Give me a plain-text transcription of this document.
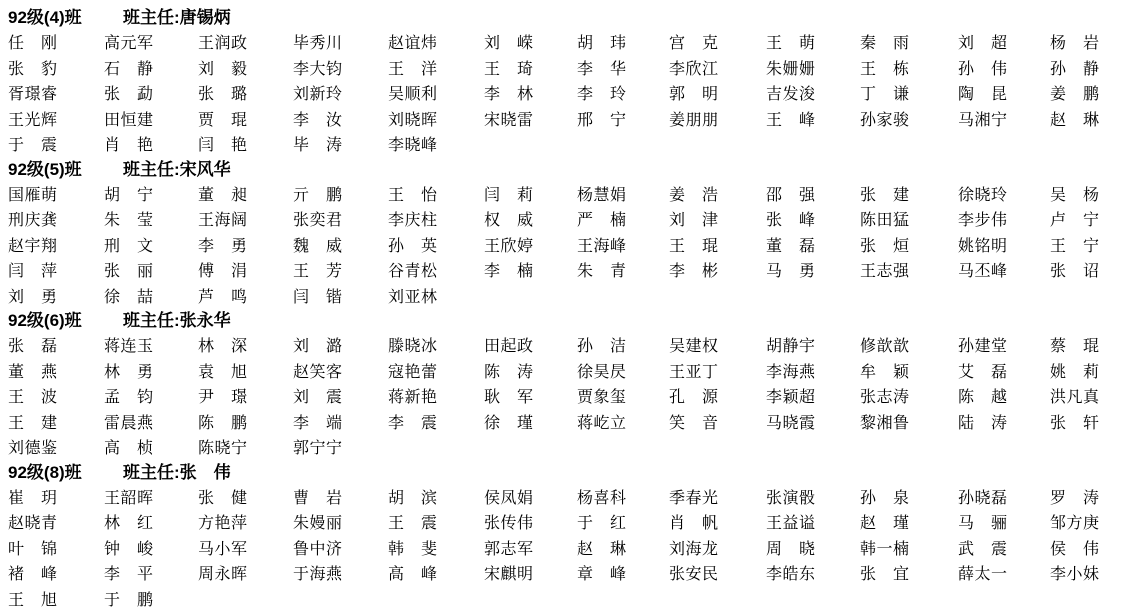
92级(4)班 班主任:唐锡炳
任　刚	高元军	王润政	毕秀川	赵谊炜	刘　嵘	胡　玮	宫　克	王　萌	秦　雨	刘　超	杨　岩
张　豹	石　静	刘　毅	李大钧	王　洋	王　琦	李　华	李欣江	朱姗姗	王　栋	孙　伟	孙　静
胥璟睿	张　勐	张　璐	刘新玲	吴顺利	李　林	李　玲	郭　明	吉发浚	丁　谦	陶　昆	姜　鹏
王光辉	田恒建	贾　琨	李　汝	刘晓晖	宋晓雷	邢　宁	姜朋朋	王　峰	孙家骏	马湘宁	赵　琳
于　震	肖　艳	闫　艳	毕　涛	李晓峰
92级(5)班 班主任:宋风华
国雁萌	胡　宁	董　昶	亓　鹏	王　怡	闫　莉	杨慧娟	姜　浩	邵　强	张　建	徐晓玲	吴　杨
刑庆龚	朱　莹	王海阔	张奕君	李庆柱	权　威	严　楠	刘　津	张　峰	陈田猛	李步伟	卢　宁
赵宇翔	刑　文	李　勇	魏　威	孙　英	王欣婷	王海峰	王　琨	董　磊	张　烜	姚铭明	王　宁
闫　萍	张　丽	傅　涓	王　芳	谷青松	李　楠	朱　青	李　彬	马　勇	王志强	马丕峰	张　诏
刘　勇	徐　喆	芦　鸣	闫　锴	刘亚林
92级(6)班 班主任:张永华
张　磊	蒋连玉	林　深	刘　潞	滕晓冰	田起政	孙　洁	吴建权	胡静宇	修歆歆	孙建堂	蔡　琨
董　燕	林　勇	袁　旭	赵笑客	寇艳蕾	陈　涛	徐昊昃	王亚丁	李海燕	牟　颖	艾　磊	姚　莉
王　波	孟　钧	尹　璟	刘　震	蒋新艳	耿　军	贾象玺	孔　源	李颖超	张志涛	陈　越	洪凡真
王　建	雷晨燕	陈　鹏	李　端	李　震	徐　瑾	蒋屹立	笑　音	马晓霞	黎湘鲁	陆　涛	张　轩
刘德鉴	高　桢	陈晓宁	郭宁宁
92级(8)班 班主任:张　伟
崔　玥	王韶晖	张　健	曹　岩	胡　滨	侯凤娟	杨喜科	季春光	张演骰	孙　泉	孙晓磊	罗　涛
赵晓青	林　红	方艳萍	朱嫚丽	王　震	张传伟	于　红	肖　帆	王益谥	赵　瑾	马　骊	邹方庚
叶　锦	钟　峻	马小军	鲁中济	韩　斐	郭志军	赵　琳	刘海龙	周　晓	韩一楠	武　震	侯　伟
褚　峰	李　平	周永晖	于海燕	高　峰	宋麒明	章　峰	张安民	李皓东	张　宜	薛太一	李小妹
王　旭	于　鹏
